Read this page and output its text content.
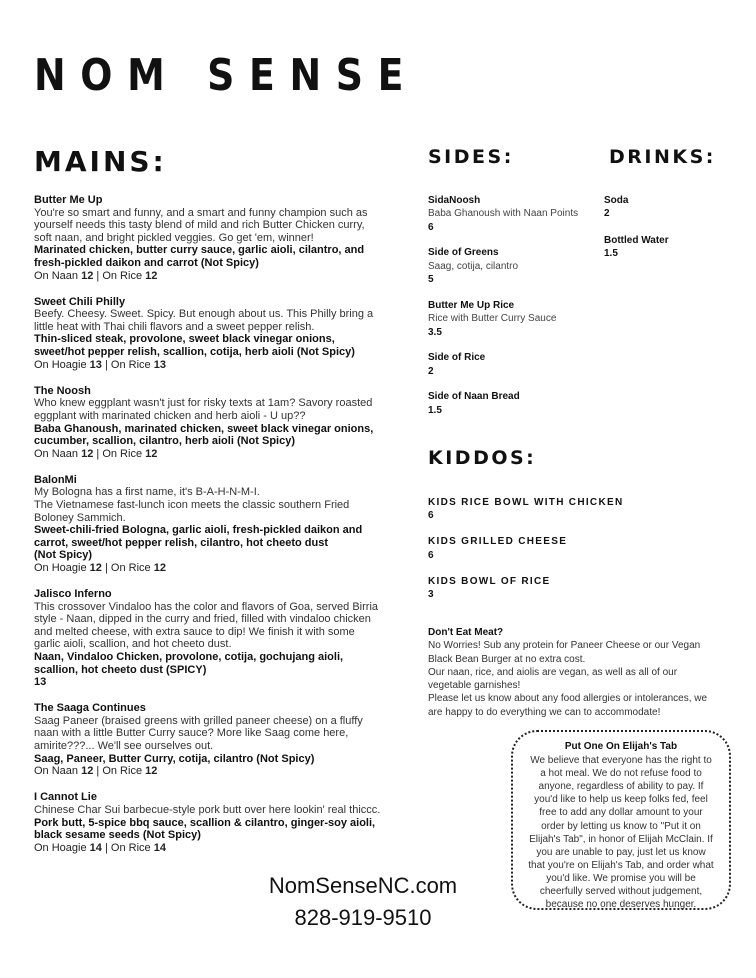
NOM SENSE
MAINS:	SIDES:	DRINKS:
KIDDOS:
Butter Me Up
You're so smart and funny, and a smart and funny champion such as
yourself needs this tasty blend of mild and rich Butter Chicken curry,
soft naan, and bright pickled veggies. Go get 'em, winner!
Marinated chicken, butter curry sauce, garlic aioli, cilantro, and
fresh-pickled daikon and carrot (Not Spicy)
On Naan 12 | On Rice 12
Sweet Chili Philly
Beefy. Cheesy. Sweet. Spicy. But enough about us. This Philly bring a
little heat with Thai chili flavors and a sweet pepper relish.
Thin-sliced steak, provolone, sweet black vinegar onions,
sweet/hot pepper relish, scallion, cotija, herb aioli (Not Spicy)
On Hoagie 13 | On Rice 13
The Noosh
Who knew eggplant wasn't just for risky texts at 1am? Savory roasted
eggplant with marinated chicken and herb aioli - U up??
Baba Ghanoush, marinated chicken, sweet black vinegar onions,
cucumber, scallion, cilantro, herb aioli (Not Spicy)
On Naan 12 | On Rice 12
BalonMi
My Bologna has a first name, it's B-A-H-N-M-I.
The Vietnamese fast-lunch icon meets the classic southern Fried
Boloney Sammich.
Sweet-chili-fried Bologna, garlic aioli, fresh-pickled daikon and
carrot, sweet/hot pepper relish, cilantro, hot cheeto dust
(Not Spicy)
On Hoagie 12 | On Rice 12
Jalisco Inferno
This crossover Vindaloo has the color and flavors of Goa, served Birria
style - Naan, dipped in the curry and fried, filled with vindaloo chicken
and melted cheese, with extra sauce to dip! We finish it with some
garlic aioli, scallion, and hot cheeto dust.
Naan, Vindaloo Chicken, provolone, cotija, gochujang aioli,
scallion, hot cheeto dust (SPICY)
13
The Saaga Continues
Saag Paneer (braised greens with grilled paneer cheese) on a fluffy
naan with a little Butter Curry sauce? More like Saag come here,
amirite???... We'll see ourselves out.
Saag, Paneer, Butter Curry, cotija, cilantro (Not Spicy)
On Naan 12 | On Rice 12
I Cannot Lie
Chinese Char Sui barbecue-style pork butt over here lookin' real thiccc.
Pork butt, 5-spice bbq sauce, scallion & cilantro, ginger-soy aioli,
black sesame seeds (Not Spicy)
On Hoagie 14 | On Rice 14
SidaNoosh
Baba Ghanoush with Naan Points
6
Side of Greens
Saag, cotija, cilantro
5
Butter Me Up Rice
Rice with Butter Curry Sauce
3.5
Side of Rice
2
Side of Naan Bread
1.5
Soda
2
Bottled Water
1.5
KIDS RICE BOWL WITH CHICKEN
6
KIDS GRILLED CHEESE
6
KIDS BOWL OF RICE
3
Don't Eat Meat?
No Worries! Sub any protein for Paneer Cheese or our Vegan
Black Bean Burger at no extra cost.
Our naan, rice, and aiolis are vegan, as well as all of our
vegetable garnishes!
Please let us know about any food allergies or intolerances, we
are happy to do everything we can to accommodate!
Put One On Elijah's Tab
We believe that everyone has the right to
a hot meal. We do not refuse food to
anyone, regardless of ability to pay. If
you'd like to help us keep folks fed, feel
free to add any dollar amount to your
order by letting us know to "Put it on
Elijah's Tab", in honor of Elijah McClain. If
you are unable to pay, just let us know
that you're on Elijah's Tab, and order what
you'd like. We promise you will be
cheerfully served without judgement,
because no one deserves hunger.
NomSenseNC.com
828-919-9510
